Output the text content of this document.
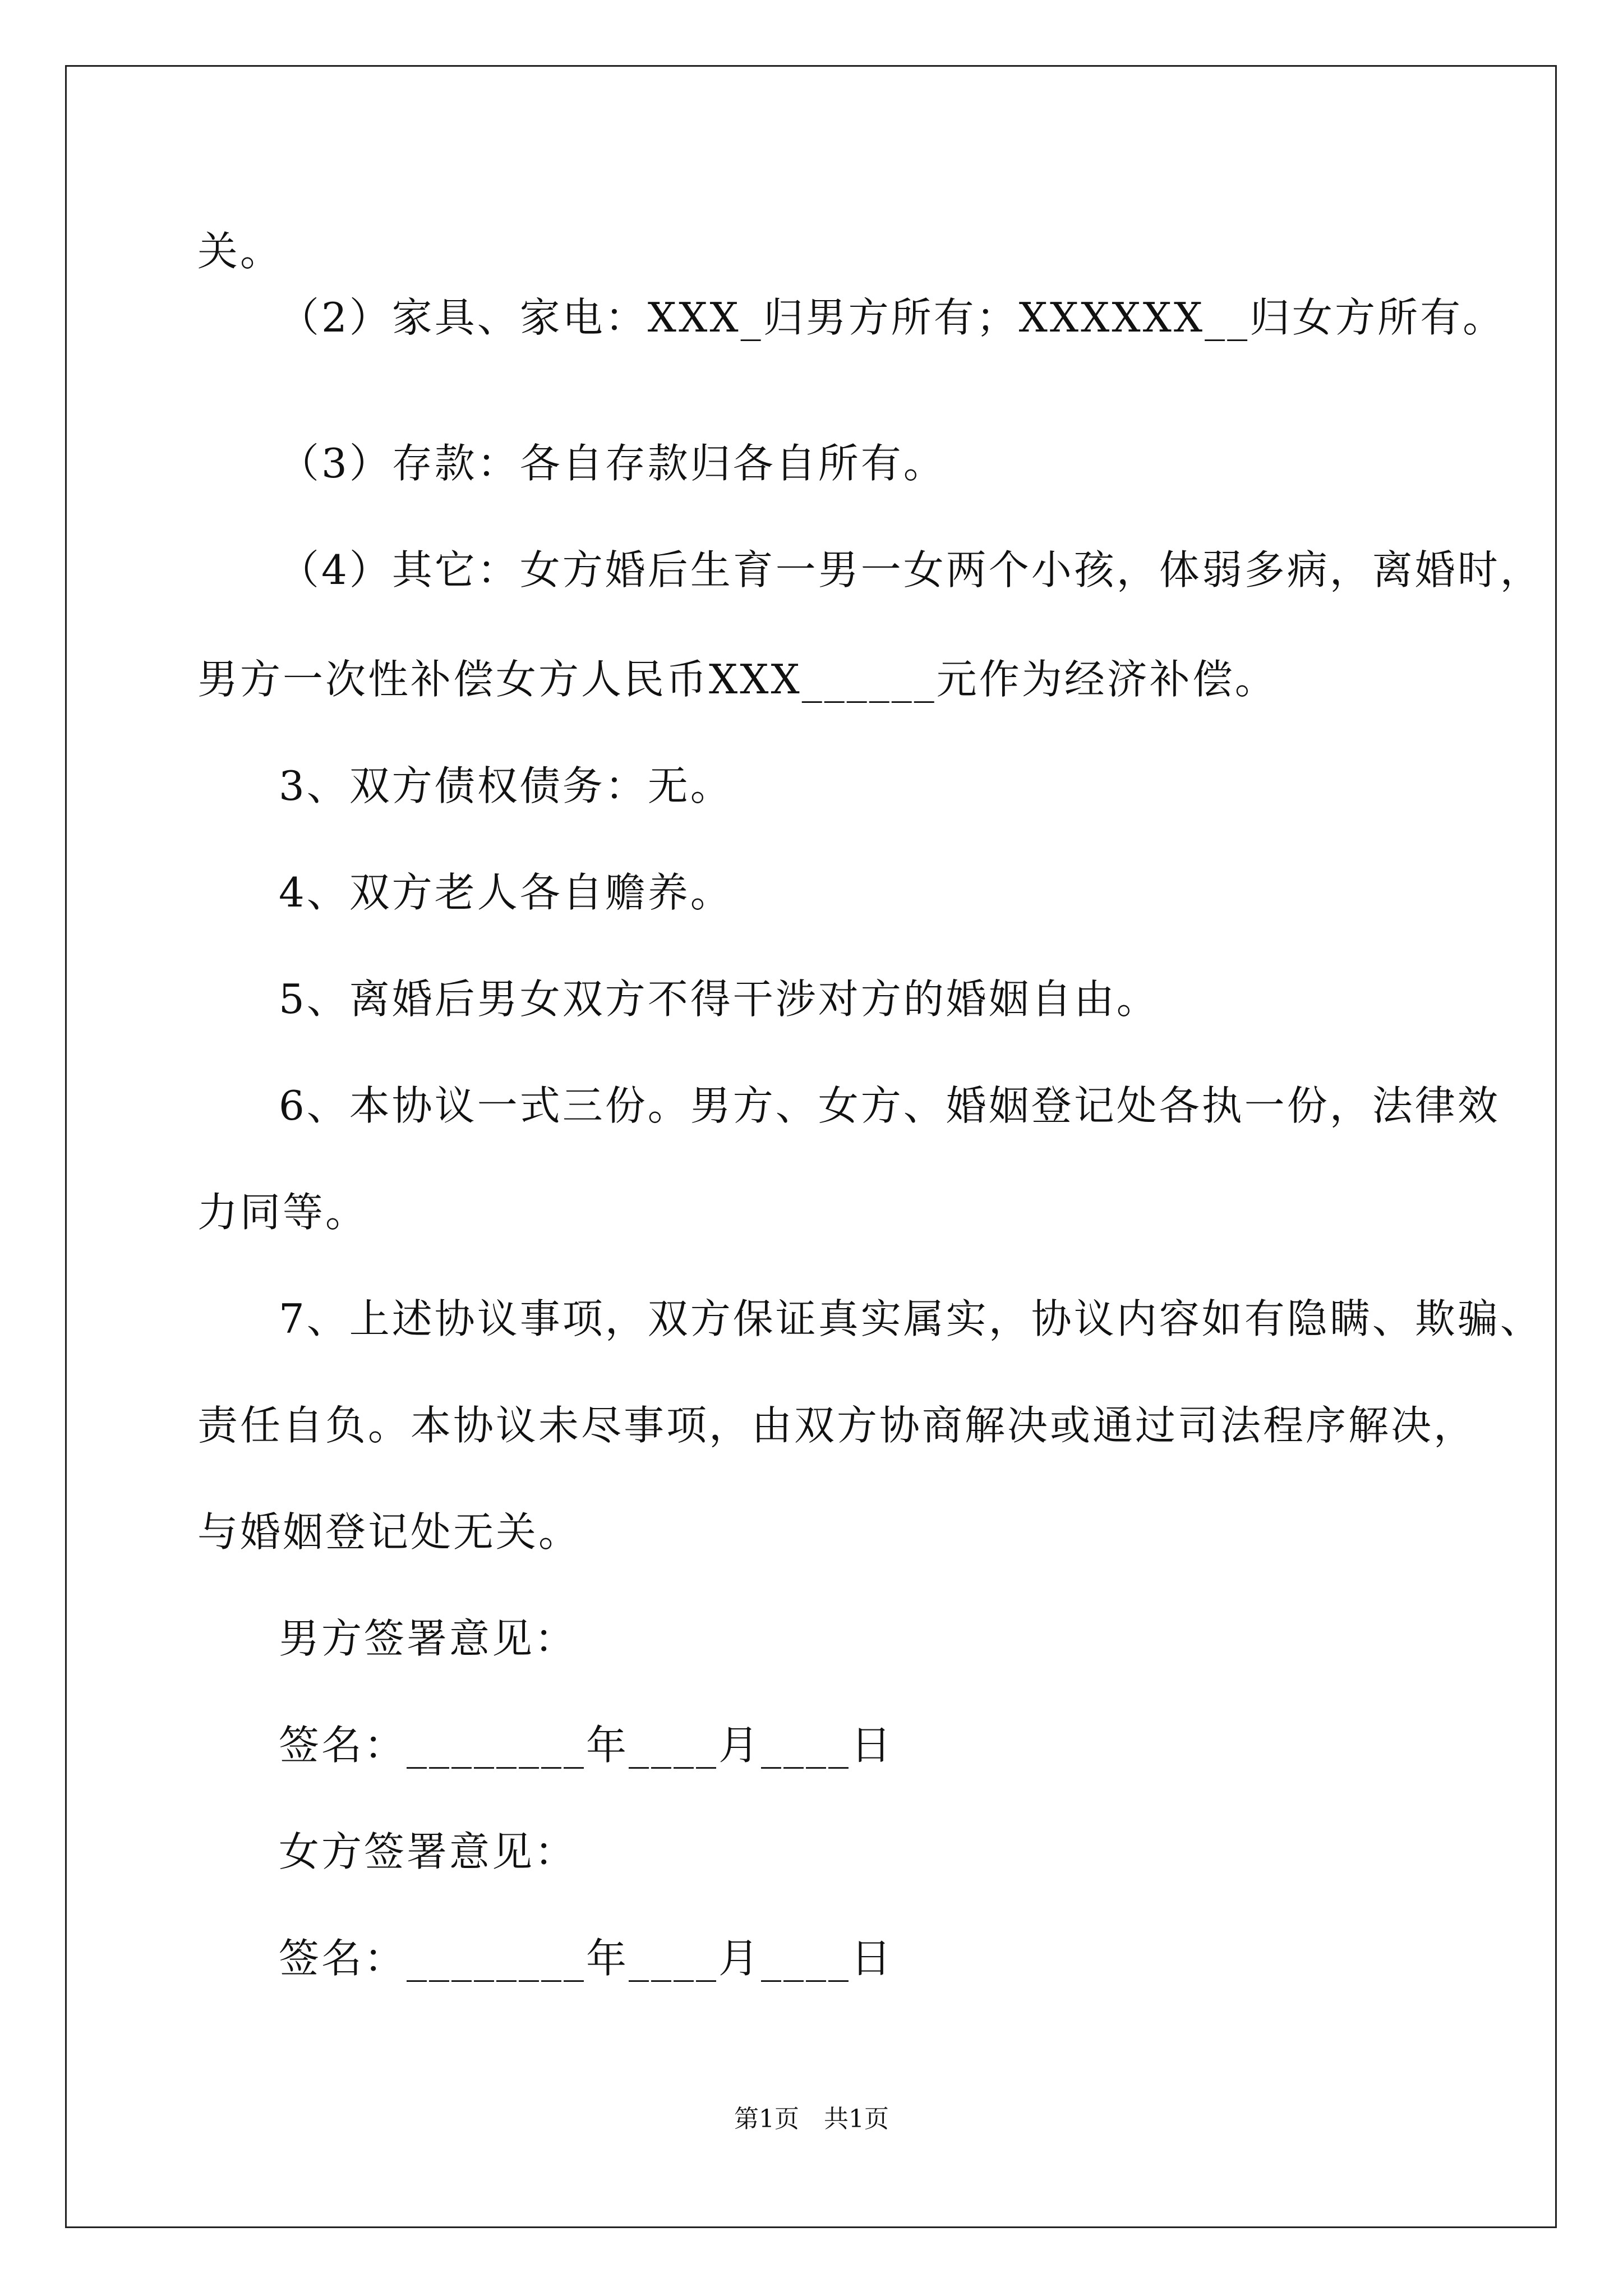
关。
（2）家具、家电：XXX_归男方所有；XXXXXX__归女方所有。
（3）存款：各自存款归各自所有。
（4）其它：女方婚后生育一男一女两个小孩，体弱多病，离婚时，
男方一次性补偿女方人民币XXX______元作为经济补偿。
3、双方债权债务：无。
4、双方老人各自赡养。
5、离婚后男女双方不得干涉对方的婚姻自由。
6、本协议一式三份。男方、女方、婚姻登记处各执一份，法律效
力同等。
7、上述协议事项，双方保证真实属实，协议内容如有隐瞒、欺骗、
责任自负。本协议未尽事项，由双方协商解决或通过司法程序解决，
与婚姻登记处无关。
男方签署意见：
签名：________年____月____日
女方签署意见：
签名：________年____月____日
第1页　共1页
